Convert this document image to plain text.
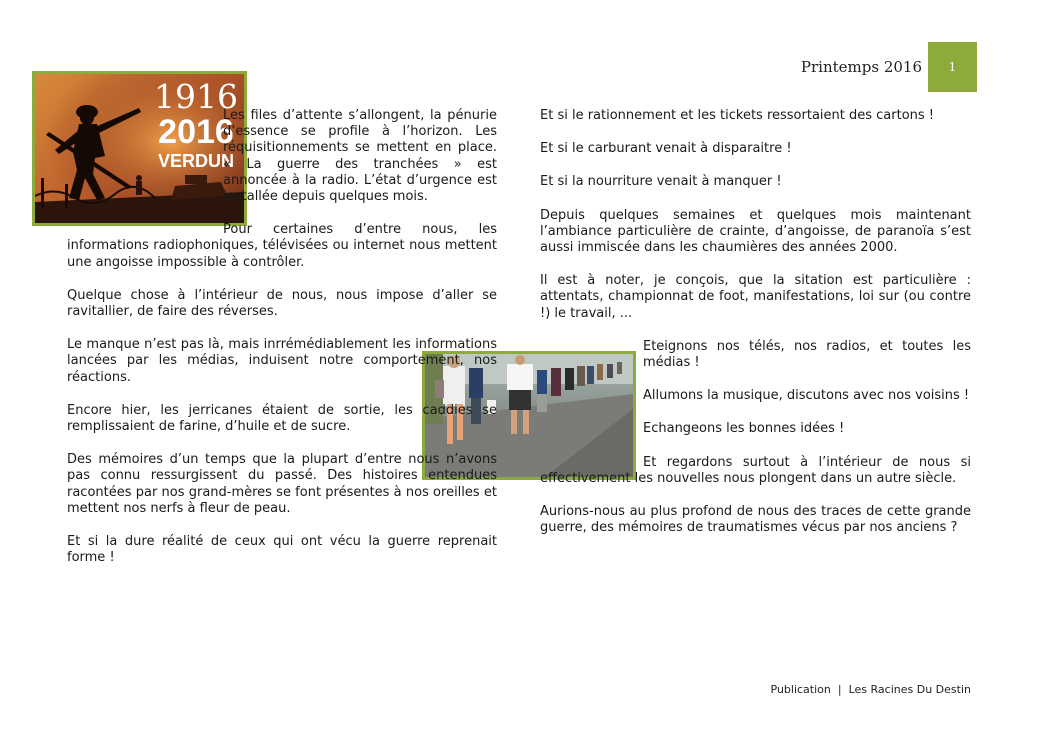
Printemps 2016 1
1916
2016
VERDUN

Les files d’attente s’allongent, la pénurie d’essence se profile à l’horizon. Les réquisitionnements se mettent en place. « La guerre des tranchées » est annoncée à la radio. L’état d’urgence est installée depuis quelques mois.

Pour certaines d’entre nous, les informations radiophoniques, télévisées ou internet nous mettent une angoisse impossible à contrôler.

Quelque chose à l’intérieur de nous, nous impose d’aller se ravitallier, de faire des réverses.

Le manque n’est pas là, mais inrrémédiablement les informations lancées par les médias, induisent notre comportement, nos réactions.

Encore hier, les jerricanes étaient de sortie, les caddies se remplissaient de farine, d’huile et de sucre.

Des mémoires d’un temps que la plupart d’entre nous n’avons pas connu ressurgissent du passé. Des histoires entendues racontées par nos grand-mères se font présentes à nos oreilles et mettent nos nerfs à fleur de peau.

Et si la dure réalité de ceux qui ont vécu la guerre reprenait forme !

Et si le rationnement et les tickets ressortaient des cartons !

Et si le carburant venait à disparaitre !

Et si la nourriture venait à manquer !

Depuis quelques semaines et quelques mois maintenant l’ambiance particulière de crainte, d’angoisse, de paranoïa s’est aussi immiscée dans les chaumières des années 2000.

Il est à noter, je conçois, que la sitation est particulière : attentats, championnat de foot, manifestations, loi sur (ou contre !) le travail, ...

Eteignons nos télés, nos radios, et toutes les médias !

Allumons la musique, discutons avec nos voisins !

Echangeons les bonnes idées !

Et regardons surtout à l’intérieur de nous si effectivement les nouvelles nous plongent dans un autre siècle.

Aurions-nous au plus profond de nous des traces de cette grande guerre, des mémoires de traumatismes vécus par nos anciens ?

Publication | Les Racines Du Destin
